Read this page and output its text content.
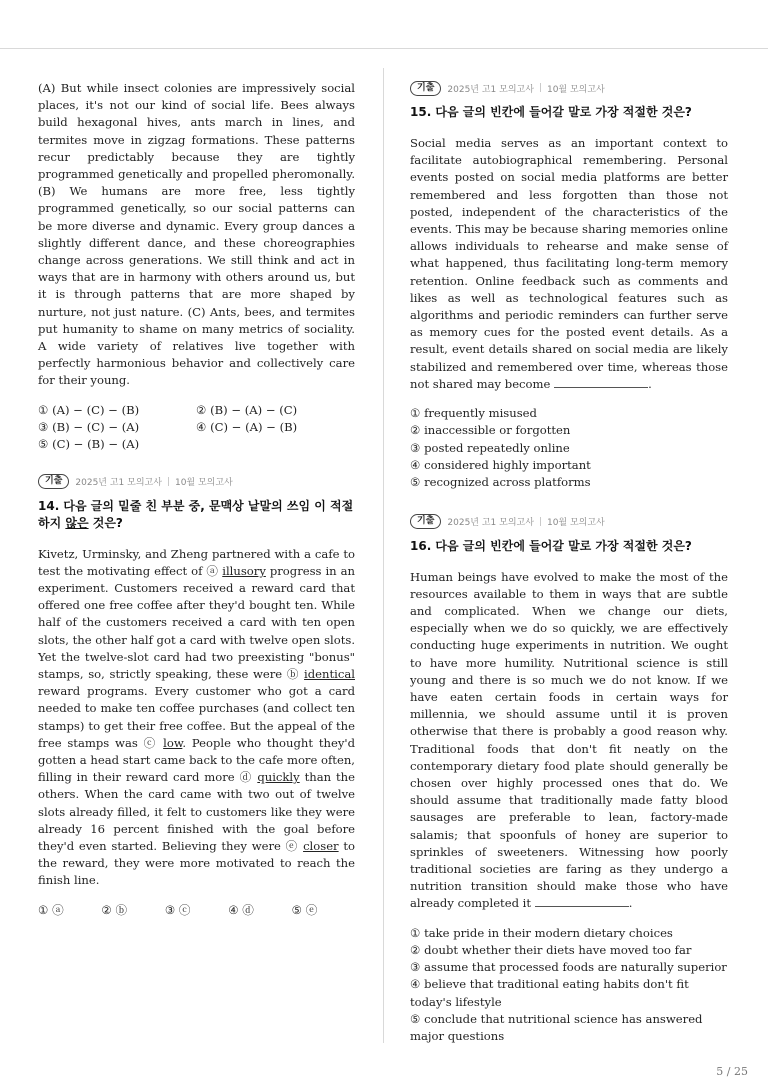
(A) But while insect colonies are impressively social places, it's not our kind of social life. Bees always build hexagonal hives, ants march in lines, and termites move in zigzag formations. These patterns recur predictably because they are tightly programmed genetically and propelled pheromonally. (B) We humans are more free, less tightly programmed genetically, so our social patterns can be more diverse and dynamic. Every group dances a slightly different dance, and these choreographies change across generations. We still think and act in ways that are in harmony with others around us, but it is through patterns that are more shaped by nurture, not just nature. (C) Ants, bees, and termites put humanity to shame on many metrics of sociality. A wide variety of relatives live together with perfectly harmonious behavior and collectively care for their young.

① (A) − (C) − (B)	② (B) − (A) − (C)
③ (B) − (C) − (A)	④ (C) − (A) − (B)
⑤ (C) − (B) − (A)
기출	2025년 고1 모의고사 | 10월 모의고사
14. 다음 글의 밑줄 친 부분 중, 문맥상 낱말의 쓰임 이 적절하지 않은 것은?

Kivetz, Urminsky, and Zheng partnered with a cafe to test the motivating effect of ⓐ illusory progress in an experiment. Customers received a reward card that offered one free coffee after they'd bought ten. While half of the customers received a card with ten open slots, the other half got a card with twelve open slots. Yet the twelve-slot card had two preexisting "bonus" stamps, so, strictly speaking, these were ⓑ identical reward programs. Every customer who got a card needed to make ten coffee purchases (and collect ten stamps) to get their free coffee. But the appeal of the free stamps was ⓒ low. People who thought they'd gotten a head start came back to the cafe more often, filling in their reward card more ⓓ quickly than the others. When the card came with two out of twelve slots already filled, it felt to customers like they were already 16 percent finished with the goal before they'd even started. Believing they were ⓔ closer to the reward, they were more motivated to reach the finish line.

① ⓐ	② ⓑ	③ ⓒ	④ ⓓ	⑤ ⓔ
기출	2025년 고1 모의고사 | 10월 모의고사
15. 다음 글의 빈칸에 들어갈 말로 가장 적절한 것은?

Social media serves as an important context to facilitate autobiographical remembering. Personal events posted on social media platforms are better remembered and less forgotten than those not posted, independent of the characteristics of the events. This may be because sharing memories online allows individuals to rehearse and make sense of what happened, thus facilitating long-term memory retention. Online feedback such as comments and likes as well as technological features such as algorithms and periodic reminders can further serve as memory cues for the posted event details. As a result, event details shared on social media are likely stabilized and remembered over time, whereas those not shared may become	.

① frequently misused
② inaccessible or forgotten
③ posted repeatedly online
④ considered highly important
⑤ recognized across platforms
기출	2025년 고1 모의고사 | 10월 모의고사
16. 다음 글의 빈칸에 들어갈 말로 가장 적절한 것은?

Human beings have evolved to make the most of the resources available to them in ways that are subtle and complicated. When we change our diets, especially when we do so quickly, we are effectively conducting huge experiments in nutrition. We ought to have more humility. Nutritional science is still young and there is so much we do not know. If we have eaten certain foods in certain ways for millennia, we should assume until it is proven otherwise that there is probably a good reason why. Traditional foods that don't fit neatly on the contemporary dietary food plate should generally be chosen over highly processed ones that do. We should assume that traditionally made fatty blood sausages are preferable to lean, factory-made salamis; that spoonfuls of honey are superior to sprinkles of sweeteners. Witnessing how poorly traditional societies are faring as they undergo a nutrition transition should make those who have already completed it	.

① take pride in their modern dietary choices
② doubt whether their diets have moved too far
③ assume that processed foods are naturally superior
④ believe that traditional eating habits don't fit today's lifestyle
⑤ conclude that nutritional science has answered major questions
5 / 25
